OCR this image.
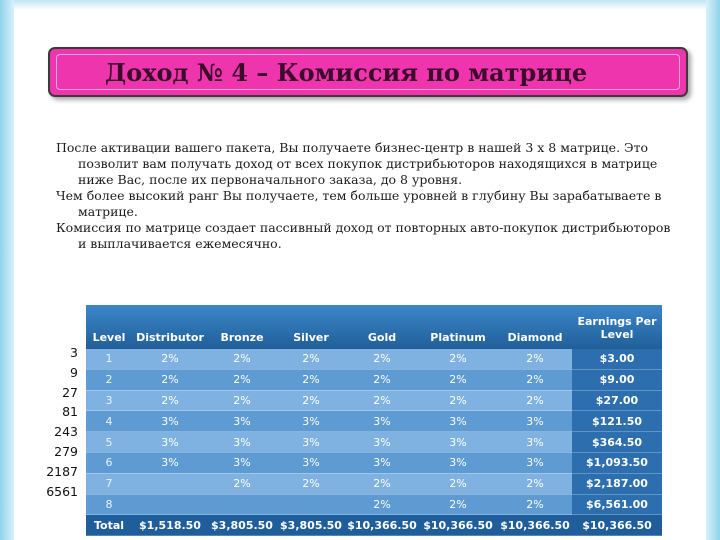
Доход № 4 – Комиссия по матрице

После активации вашего пакета, Вы получаете бизнес-центр в нашей 3 х 8 матрице. Это позволит вам получать доход от всех покупок дистрибьюторов находящихся в матрице ниже Вас, после их первоначального заказа, до 8 уровня.

Чем более высокий ранг Вы получаете, тем больше уровней в глубину Вы зарабатываете в матрице.

Комиссия по матрице создает пассивный доход от повторных авто-покупок дистрибьюторов и выплачивается ежемесячно.

3
9
27
81
243
279
2187
6561
Level	Distributor	Bronze	Silver	Gold	Platinum	Diamond	Earnings Per Level
1	2%	2%	2%	2%	2%	2%	$3.00
2	2%	2%	2%	2%	2%	2%	$9.00
3	2%	2%	2%	2%	2%	2%	$27.00
4	3%	3%	3%	3%	3%	3%	$121.50
5	3%	3%	3%	3%	3%	3%	$364.50
6	3%	3%	3%	3%	3%	3%	$1,093.50
7		2%	2%	2%	2%	2%	$2,187.00
8				2%	2%	2%	$6,561.00
Total	$1,518.50	$3,805.50	$3,805.50	$10,366.50	$10,366.50	$10,366.50	$10,366.50
